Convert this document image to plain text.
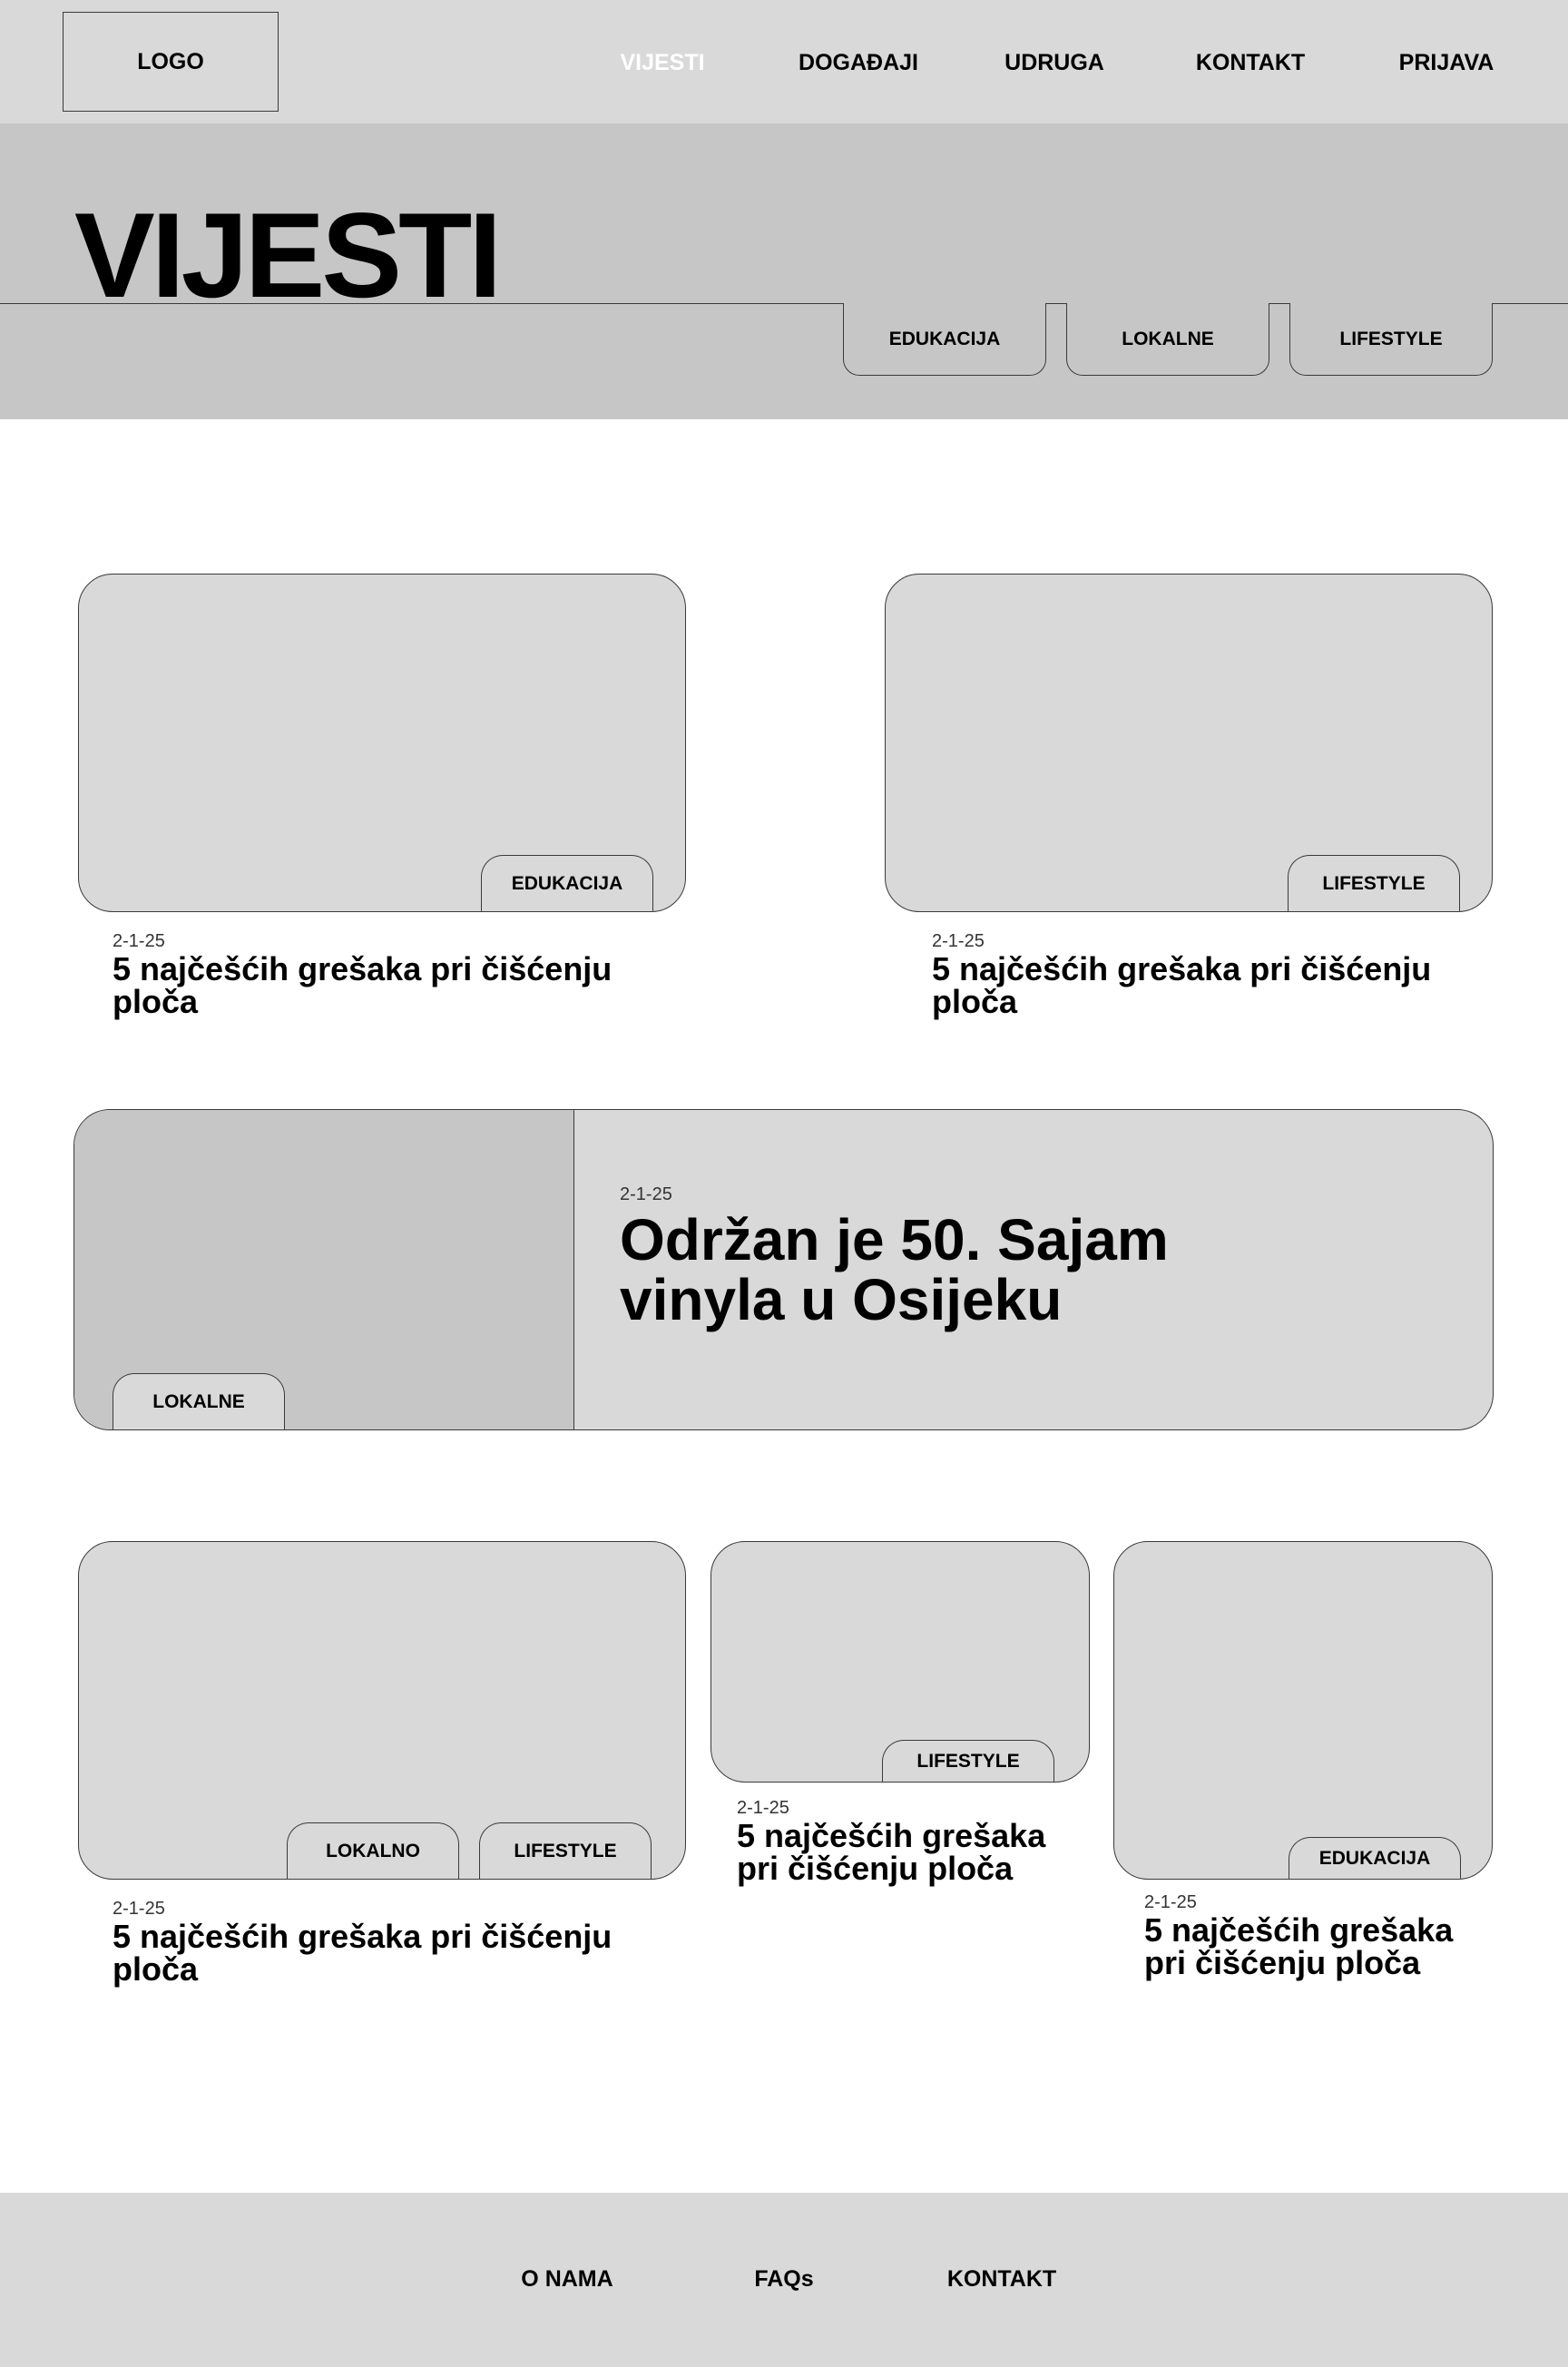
LOGO	VIJESTI	DOGAĐAJI	UDRUGA	KONTAKT	PRIJAVA
VIJESTI
EDUKACIJA	LOKALNE	LIFESTYLE
EDUKACIJA
2-1-25
5 najčešćih grešaka pri čišćenju ploča
LIFESTYLE
2-1-25
5 najčešćih grešaka pri čišćenju ploča
LOKALNE
2-1-25
Održan je 50. Sajam vinyla u Osijeku
LOKALNO	LIFESTYLE
2-1-25
5 najčešćih grešaka pri čišćenju ploča
LIFESTYLE
2-1-25
5 najčešćih grešaka pri čišćenju ploča	EDUKACIJA
2-1-25
5 najčešćih grešaka pri čišćenju ploča
O NAMA	FAQs	KONTAKT
